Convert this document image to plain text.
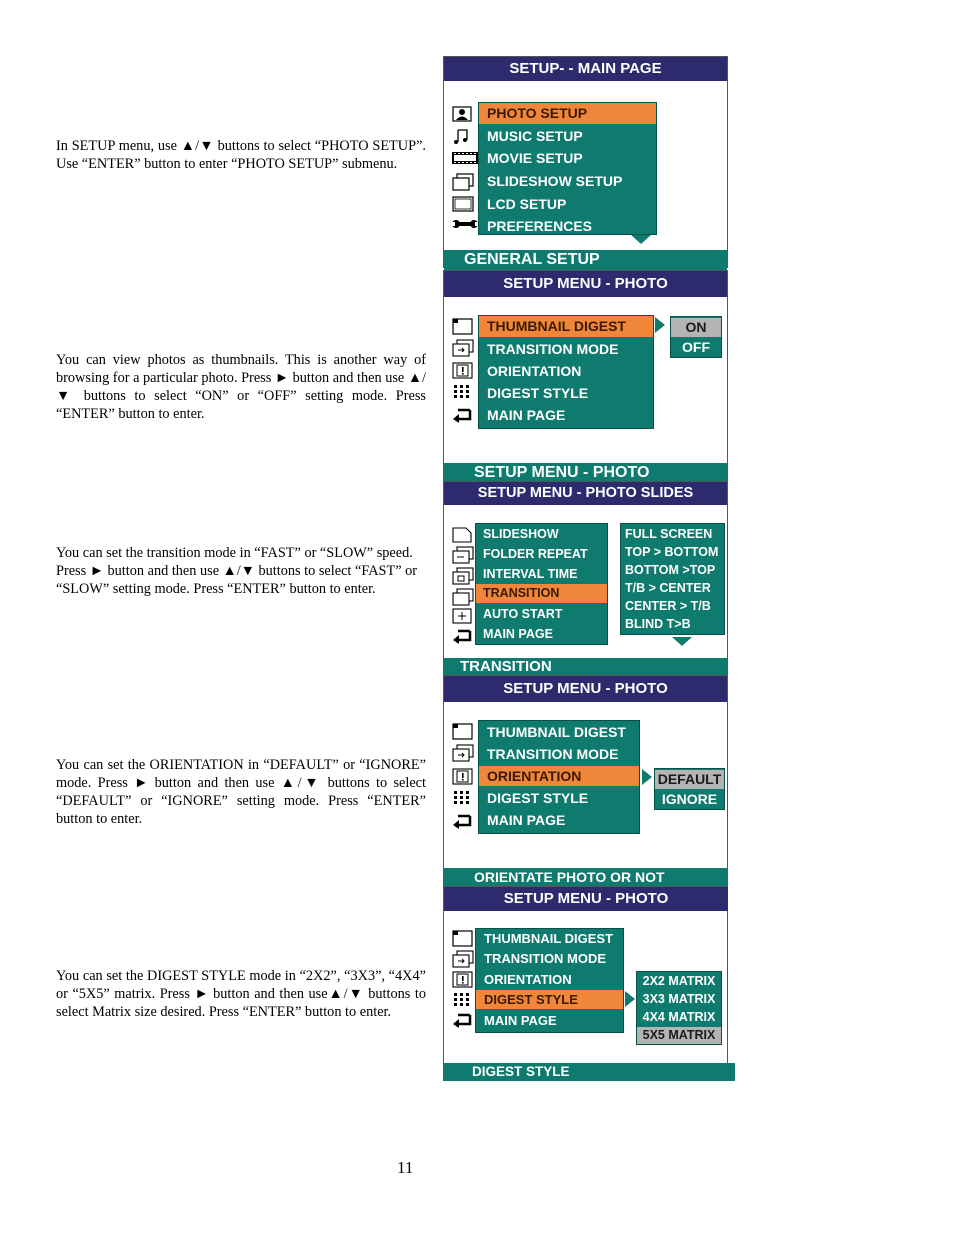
In SETUP menu, use ▲/▼ buttons to select “PHOTO SETUP”. Use “ENTER” button to enter “PHOTO SETUP” submenu.
You can view photos as thumbnails. This is another way of browsing for a particular photo. Press ► button and then use ▲/▼ buttons to select “ON” or “OFF” setting mode. Press “ENTER” button to enter.
You can set the transition mode in “FAST” or “SLOW” speed. Press ► button and then use ▲/▼ buttons to select “FAST” or “SLOW” setting mode. Press “ENTER” button to enter.
You can set the ORIENTATION in “DEFAULT” or “IGNORE” mode. Press ► button and then use ▲/▼ buttons to select “DEFAULT” or “IGNORE” setting mode. Press “ENTER” button to enter.
You can set the DIGEST STYLE mode in “2X2”, “3X3”, “4X4” or “5X5” matrix. Press ► button and then use▲/▼ buttons to select Matrix size desired. Press “ENTER” button to enter.
11
SETUP- - MAIN PAGE
PHOTO SETUP
MUSIC SETUP
MOVIE SETUP
SLIDESHOW SETUP
LCD SETUP
PREFERENCES
GENERAL SETUP
SETUP MENU - PHOTO
THUMBNAIL DIGEST
TRANSITION MODE
ORIENTATION
DIGEST STYLE
MAIN PAGE
ON
OFF
SETUP MENU - PHOTO
SETUP MENU - PHOTO SLIDES
SLIDESHOW
FOLDER REPEAT
INTERVAL TIME
TRANSITION
AUTO START
MAIN PAGE
FULL SCREEN
TOP > BOTTOM
BOTTOM >TOP
T/B > CENTER
CENTER > T/B
BLIND T>B
TRANSITION
SETUP MENU - PHOTO
THUMBNAIL DIGEST
TRANSITION MODE
ORIENTATION
DIGEST STYLE
MAIN PAGE
DEFAULT
IGNORE
ORIENTATE PHOTO OR NOT
SETUP MENU - PHOTO
THUMBNAIL DIGEST
TRANSITION MODE
ORIENTATION
DIGEST STYLE
MAIN PAGE
2X2 MATRIX
3X3 MATRIX
4X4 MATRIX
5X5 MATRIX
DIGEST STYLE
